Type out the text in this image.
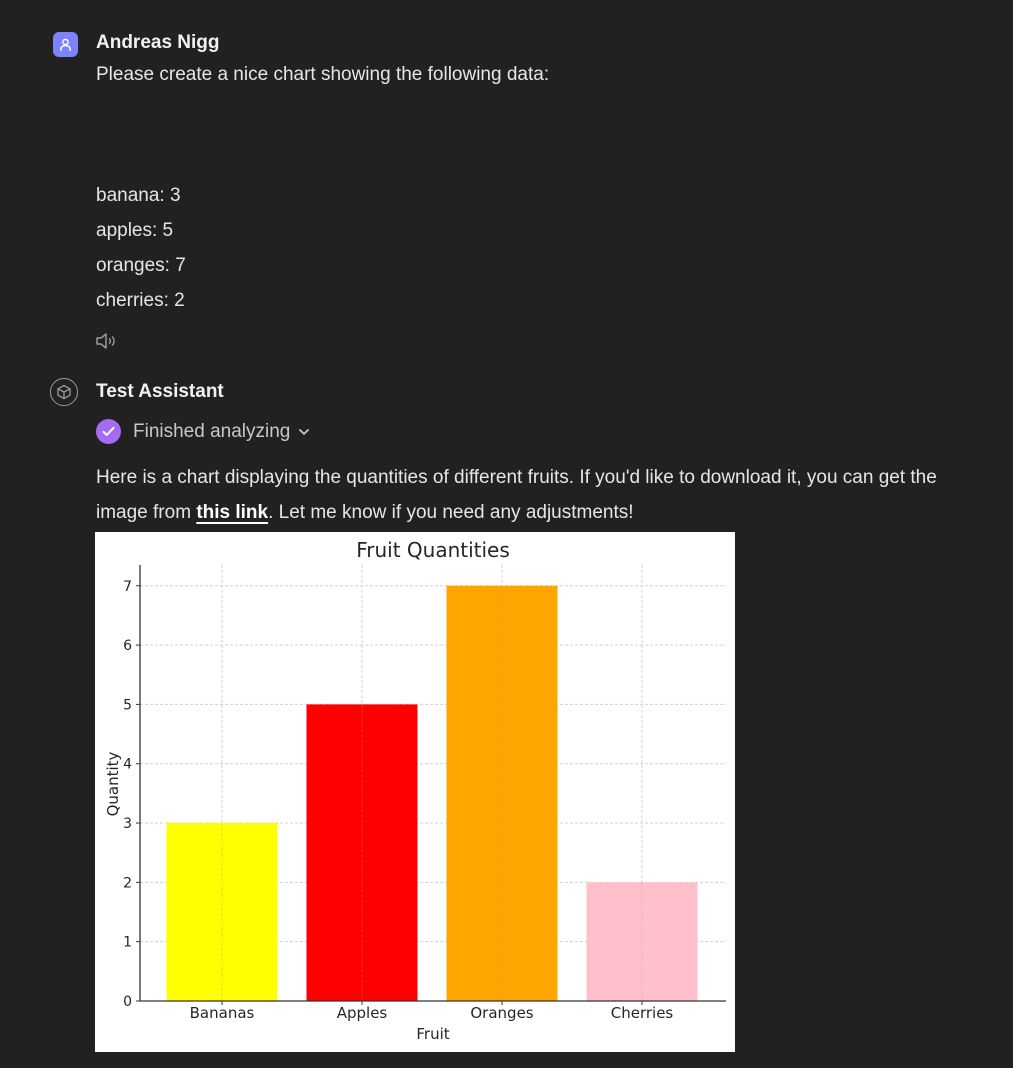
Andreas Nigg
Please create a nice chart showing the following data:
banana: 3
apples: 5
oranges: 7
cherries: 2
Test Assistant
Finished analyzing
Here is a chart displaying the quantities of different fruits. If you'd like to download it, you can get the image from this link. Let me know if you need any adjustments!
Bananas	Apples	Oranges	Cherries
0
1
2
3
4
5
6
7
Fruit Quantities
Fruit
Quantity
